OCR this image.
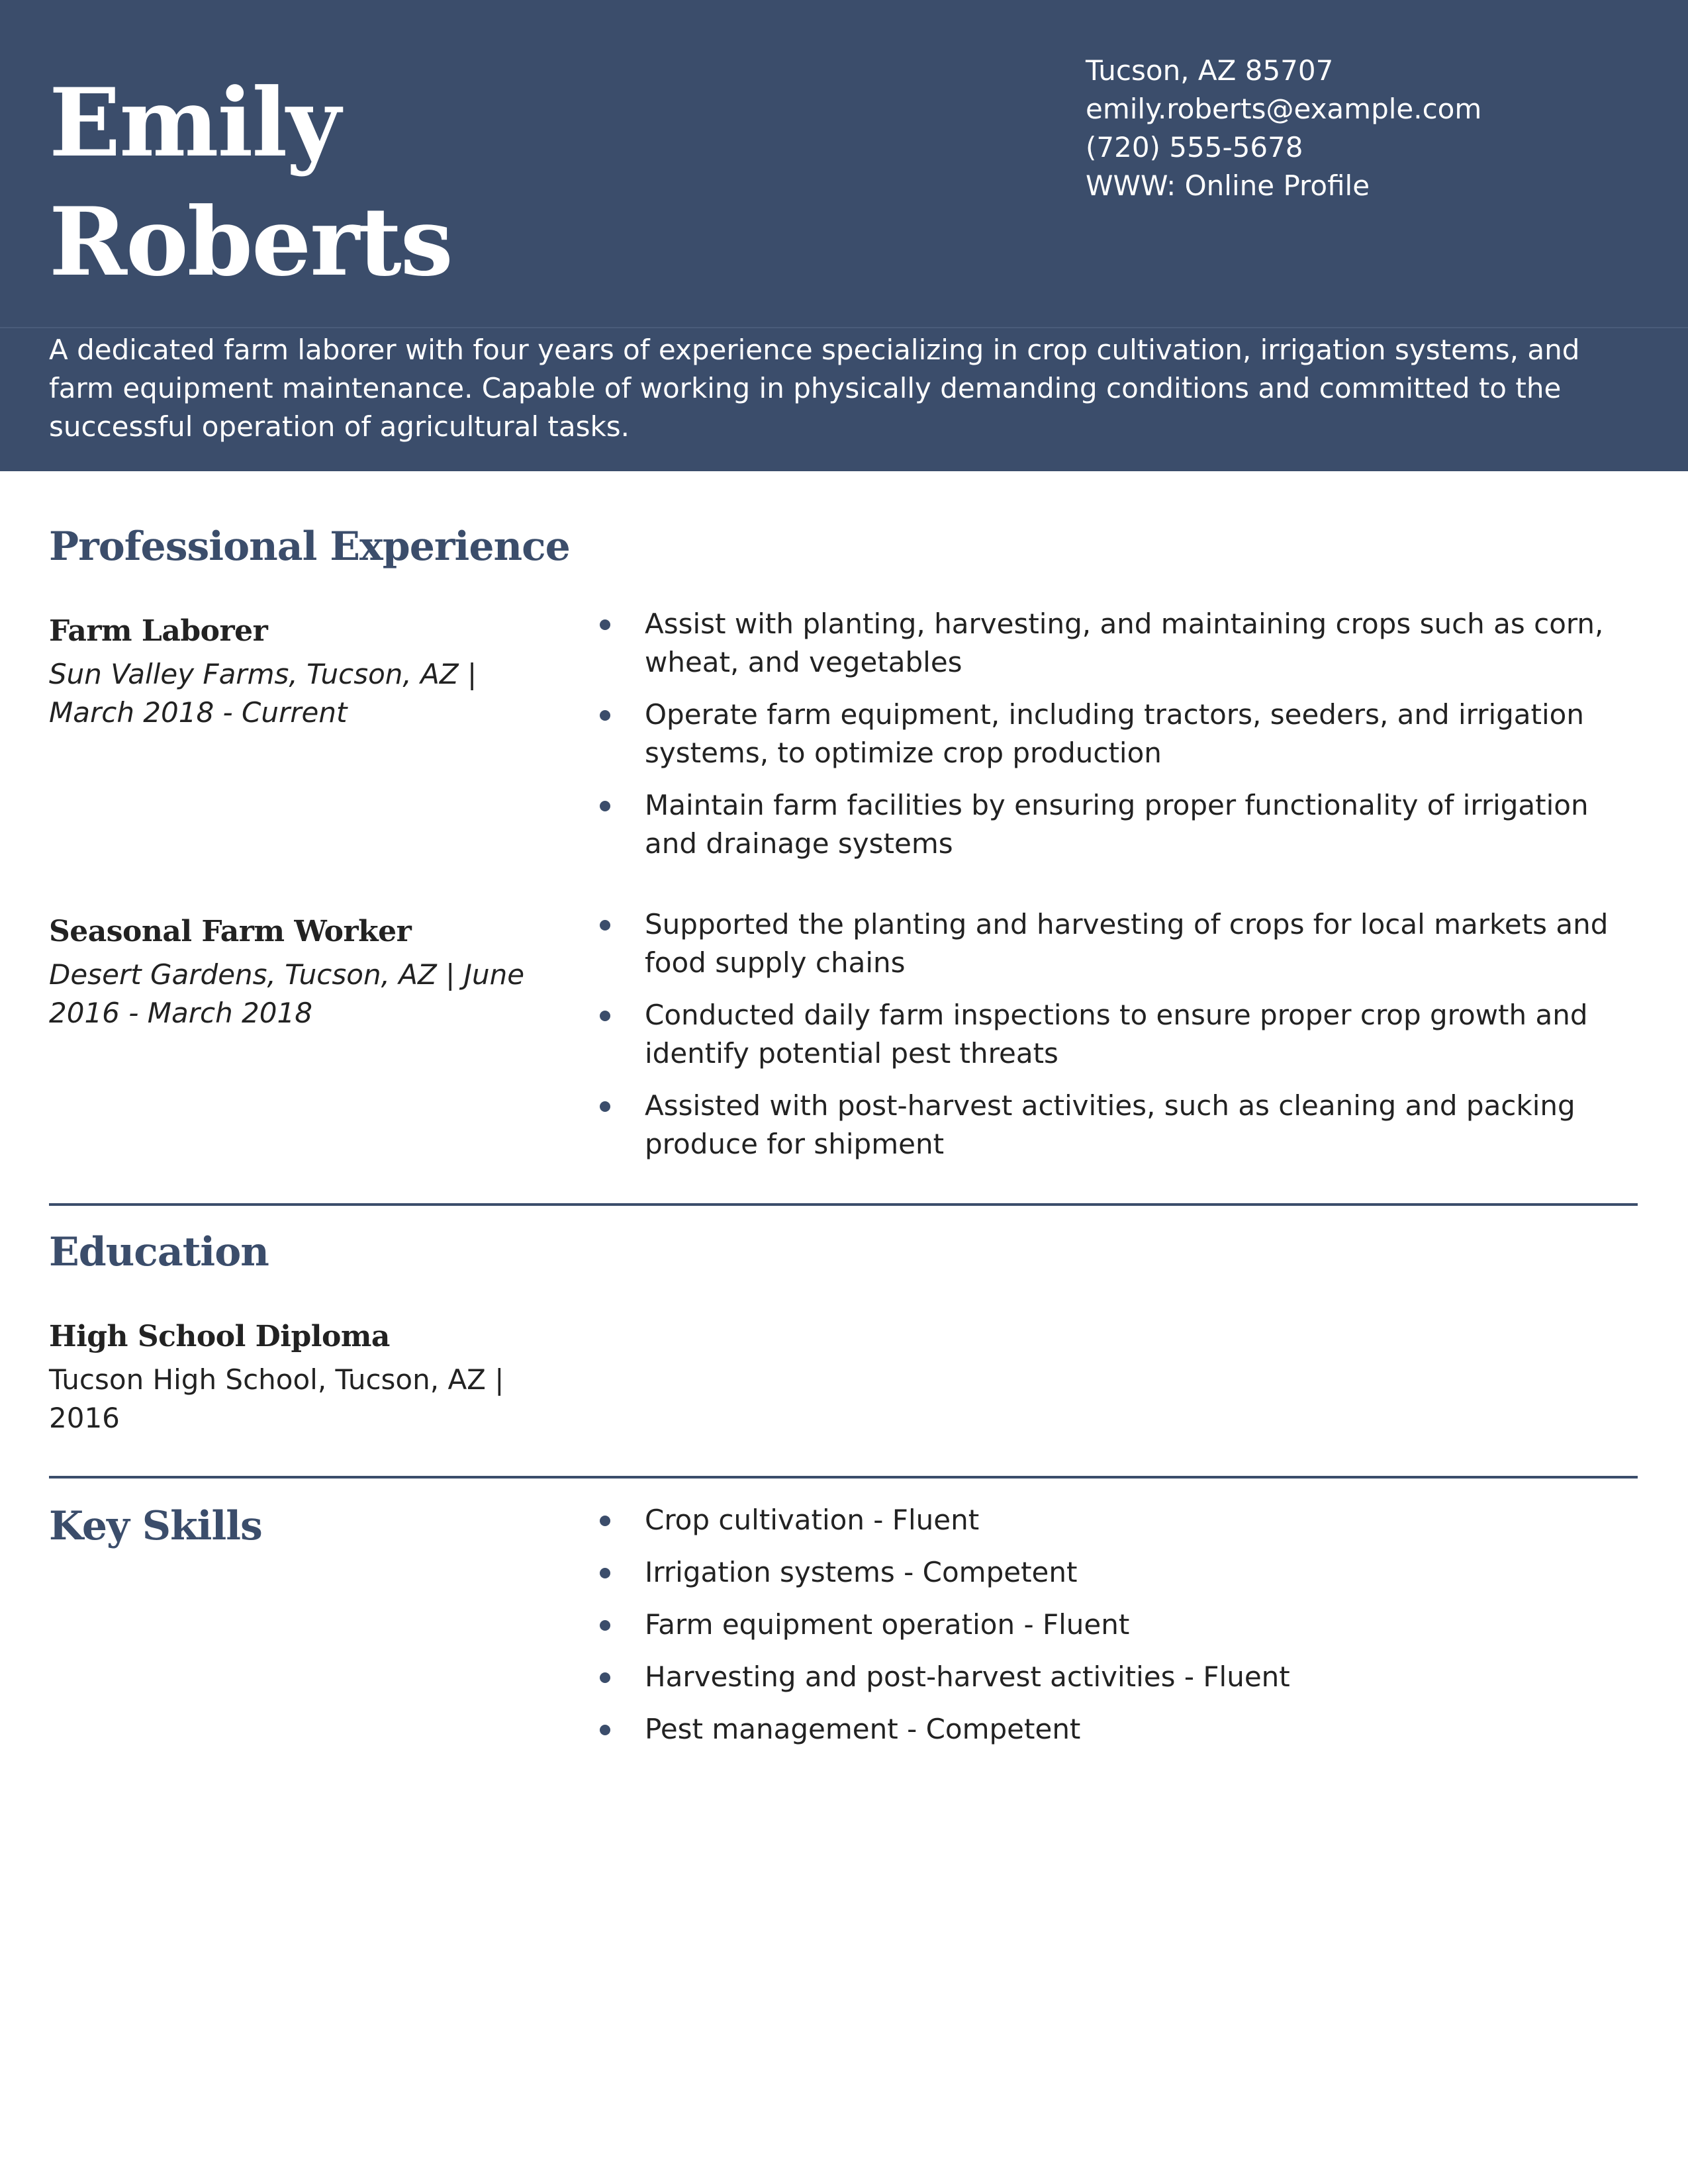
Emily
Roberts
Tucson, AZ 85707
emily.roberts@example.com
(720) 555-5678
WWW: Online Profile
A dedicated farm laborer with four years of experience specializing in crop cultivation, irrigation systems, and farm equipment maintenance. Capable of working in physically demanding conditions and committed to the successful operation of agricultural tasks.
Professional Experience
Farm Laborer
Sun Valley Farms, Tucson, AZ | March 2018 - Current
Assist with planting, harvesting, and maintaining crops such as corn, wheat, and vegetables
Operate farm equipment, including tractors, seeders, and irrigation systems, to optimize crop production
Maintain farm facilities by ensuring proper functionality of irrigation and drainage systems
Seasonal Farm Worker
Desert Gardens, Tucson, AZ | June 2016 - March 2018
Supported the planting and harvesting of crops for local markets and food supply chains
Conducted daily farm inspections to ensure proper crop growth and identify potential pest threats
Assisted with post-harvest activities, such as cleaning and packing produce for shipment
Education
High School Diploma
Tucson High School, Tucson, AZ | 2016
Key Skills	Crop cultivation - Fluent
Irrigation systems - Competent
Farm equipment operation - Fluent
Harvesting and post-harvest activities - Fluent
Pest management - Competent
